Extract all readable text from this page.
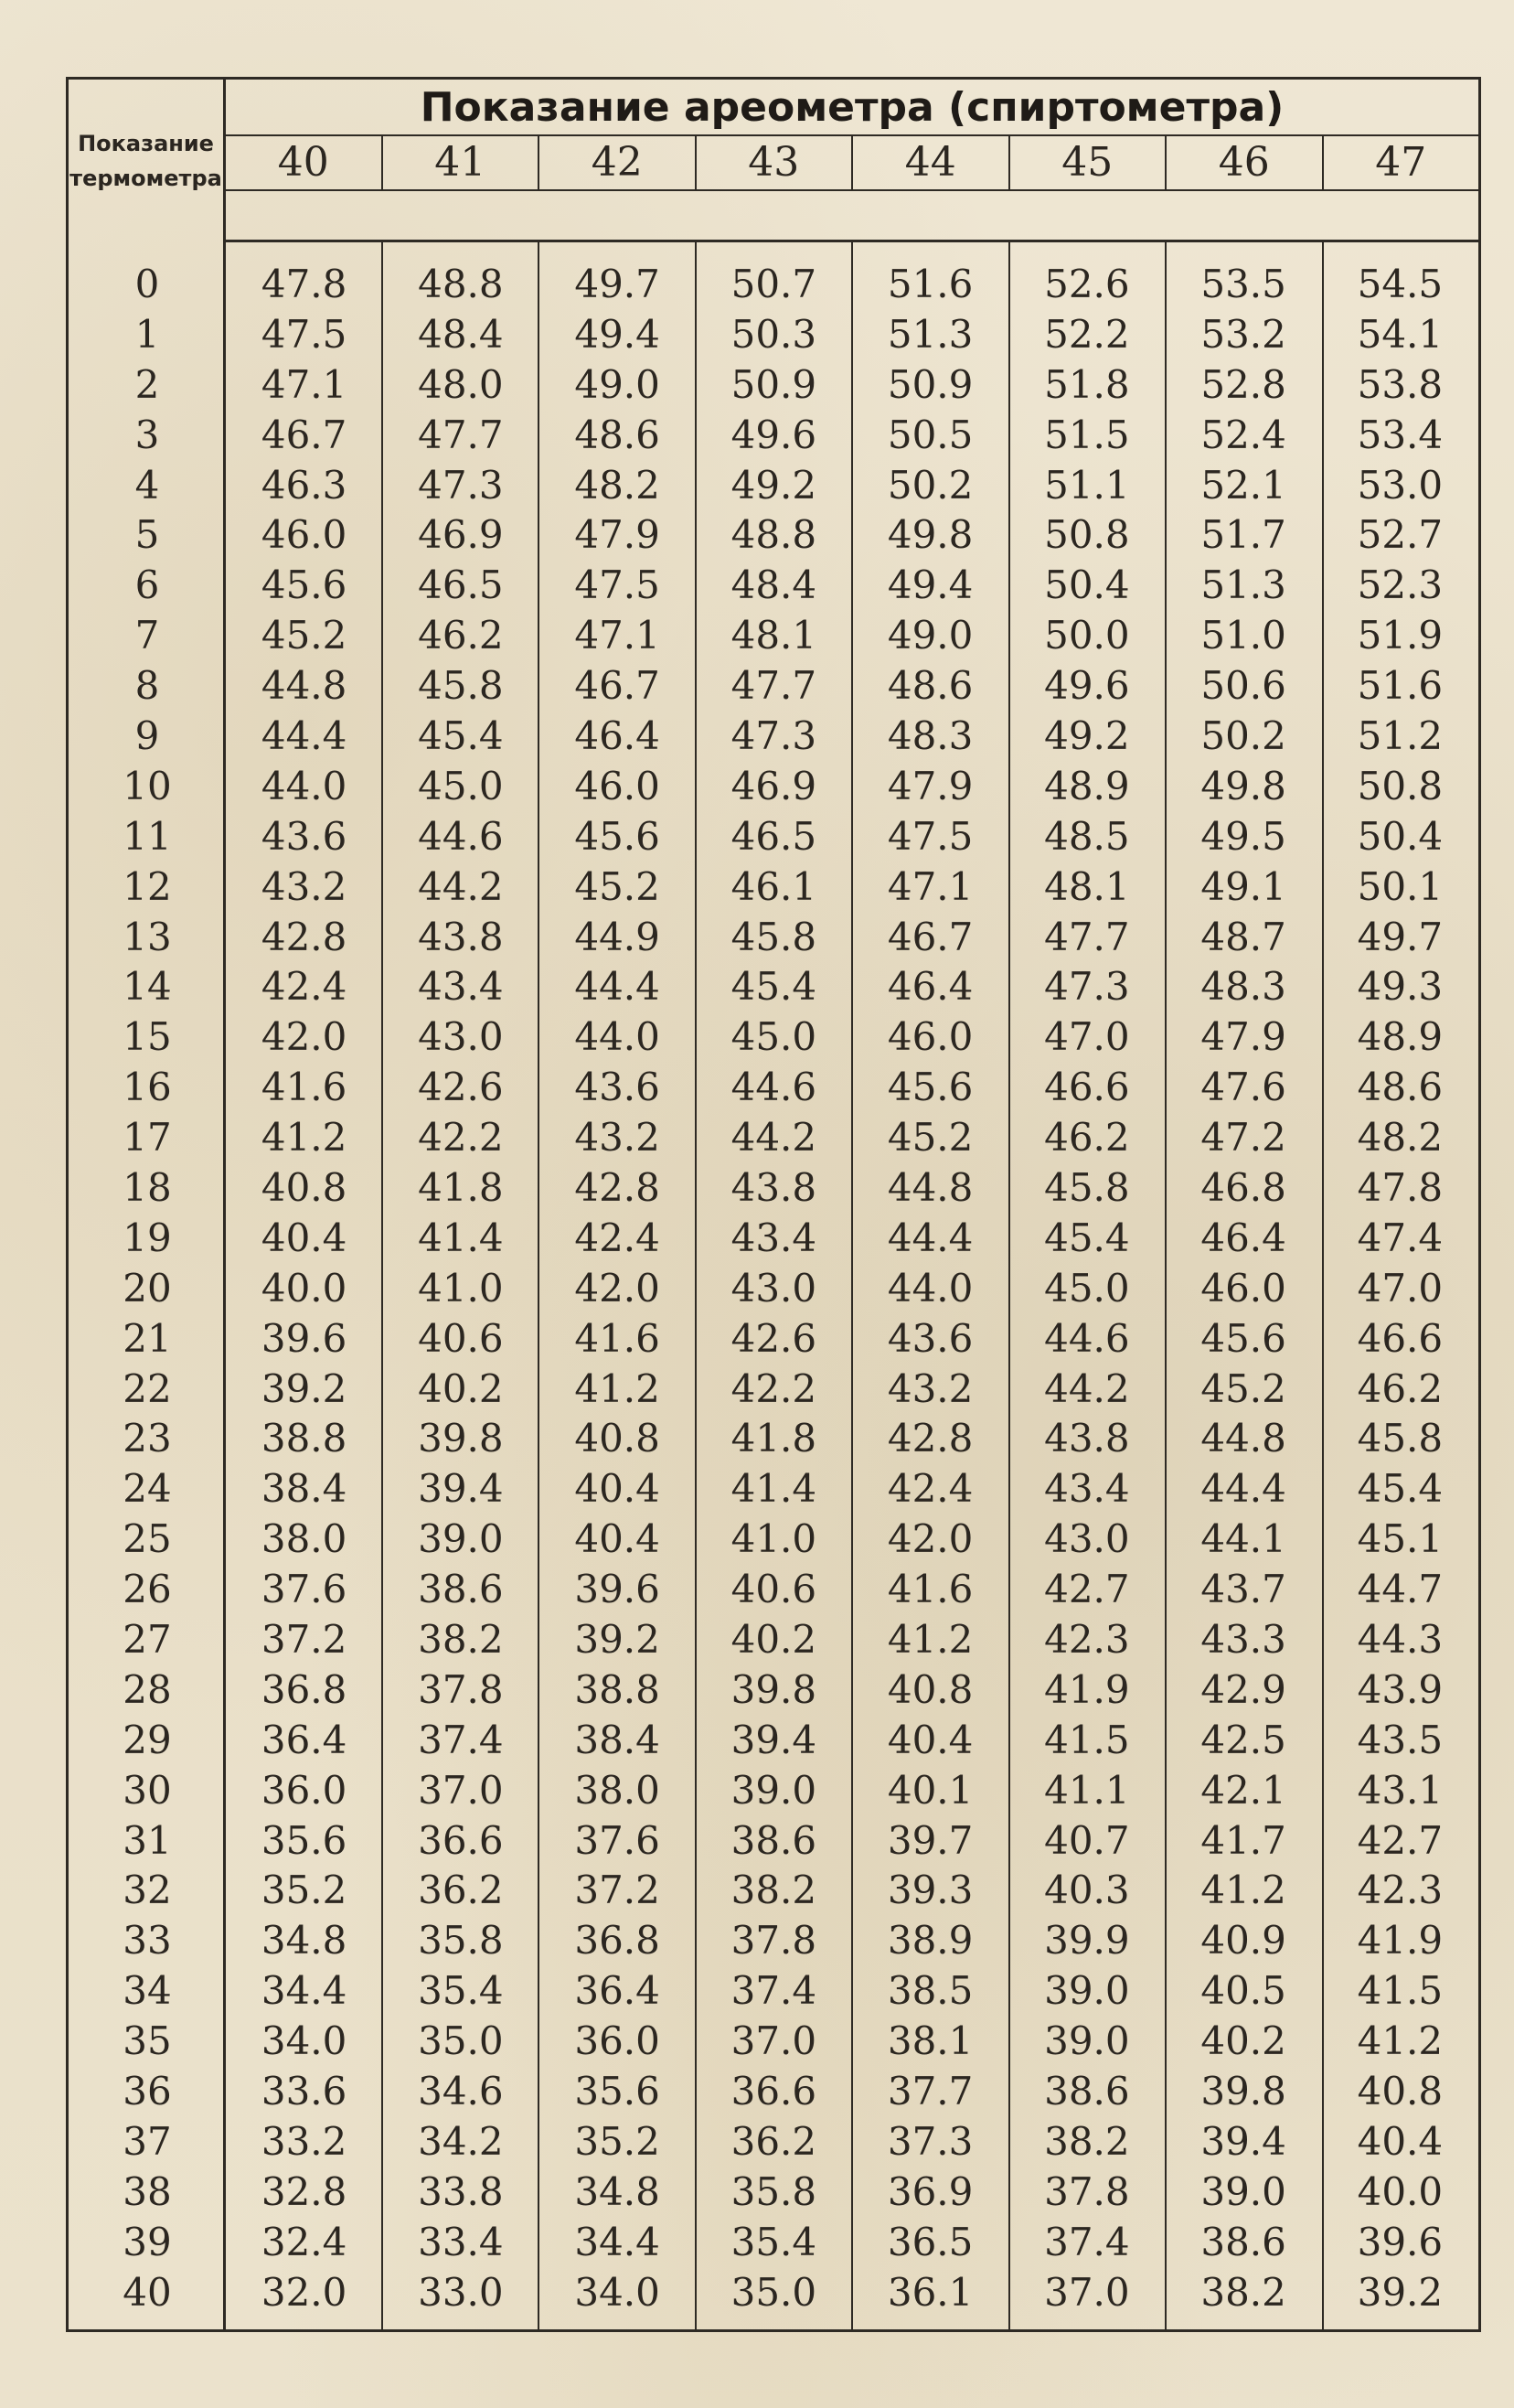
Показание
термометра
Показание ареометра (спиртометра)
40	41	42	43	44	45	46	47
0	47.8	48.8	49.7	50.7	51.6	52.6	53.5	54.5
1	47.5	48.4	49.4	50.3	51.3	52.2	53.2	54.1
2	47.1	48.0	49.0	50.9	50.9	51.8	52.8	53.8
3	46.7	47.7	48.6	49.6	50.5	51.5	52.4	53.4
4	46.3	47.3	48.2	49.2	50.2	51.1	52.1	53.0
5	46.0	46.9	47.9	48.8	49.8	50.8	51.7	52.7
6	45.6	46.5	47.5	48.4	49.4	50.4	51.3	52.3
7	45.2	46.2	47.1	48.1	49.0	50.0	51.0	51.9
8	44.8	45.8	46.7	47.7	48.6	49.6	50.6	51.6
9	44.4	45.4	46.4	47.3	48.3	49.2	50.2	51.2
10	44.0	45.0	46.0	46.9	47.9	48.9	49.8	50.8
11	43.6	44.6	45.6	46.5	47.5	48.5	49.5	50.4
12	43.2	44.2	45.2	46.1	47.1	48.1	49.1	50.1
13	42.8	43.8	44.9	45.8	46.7	47.7	48.7	49.7
14	42.4	43.4	44.4	45.4	46.4	47.3	48.3	49.3
15	42.0	43.0	44.0	45.0	46.0	47.0	47.9	48.9
16	41.6	42.6	43.6	44.6	45.6	46.6	47.6	48.6
17	41.2	42.2	43.2	44.2	45.2	46.2	47.2	48.2
18	40.8	41.8	42.8	43.8	44.8	45.8	46.8	47.8
19	40.4	41.4	42.4	43.4	44.4	45.4	46.4	47.4
20	40.0	41.0	42.0	43.0	44.0	45.0	46.0	47.0
21	39.6	40.6	41.6	42.6	43.6	44.6	45.6	46.6
22	39.2	40.2	41.2	42.2	43.2	44.2	45.2	46.2
23	38.8	39.8	40.8	41.8	42.8	43.8	44.8	45.8
24	38.4	39.4	40.4	41.4	42.4	43.4	44.4	45.4
25	38.0	39.0	40.4	41.0	42.0	43.0	44.1	45.1
26	37.6	38.6	39.6	40.6	41.6	42.7	43.7	44.7
27	37.2	38.2	39.2	40.2	41.2	42.3	43.3	44.3
28	36.8	37.8	38.8	39.8	40.8	41.9	42.9	43.9
29	36.4	37.4	38.4	39.4	40.4	41.5	42.5	43.5
30	36.0	37.0	38.0	39.0	40.1	41.1	42.1	43.1
31	35.6	36.6	37.6	38.6	39.7	40.7	41.7	42.7
32	35.2	36.2	37.2	38.2	39.3	40.3	41.2	42.3
33	34.8	35.8	36.8	37.8	38.9	39.9	40.9	41.9
34	34.4	35.4	36.4	37.4	38.5	39.0	40.5	41.5
35	34.0	35.0	36.0	37.0	38.1	39.0	40.2	41.2
36	33.6	34.6	35.6	36.6	37.7	38.6	39.8	40.8
37	33.2	34.2	35.2	36.2	37.3	38.2	39.4	40.4
38	32.8	33.8	34.8	35.8	36.9	37.8	39.0	40.0
39	32.4	33.4	34.4	35.4	36.5	37.4	38.6	39.6
40	32.0	33.0	34.0	35.0	36.1	37.0	38.2	39.2
